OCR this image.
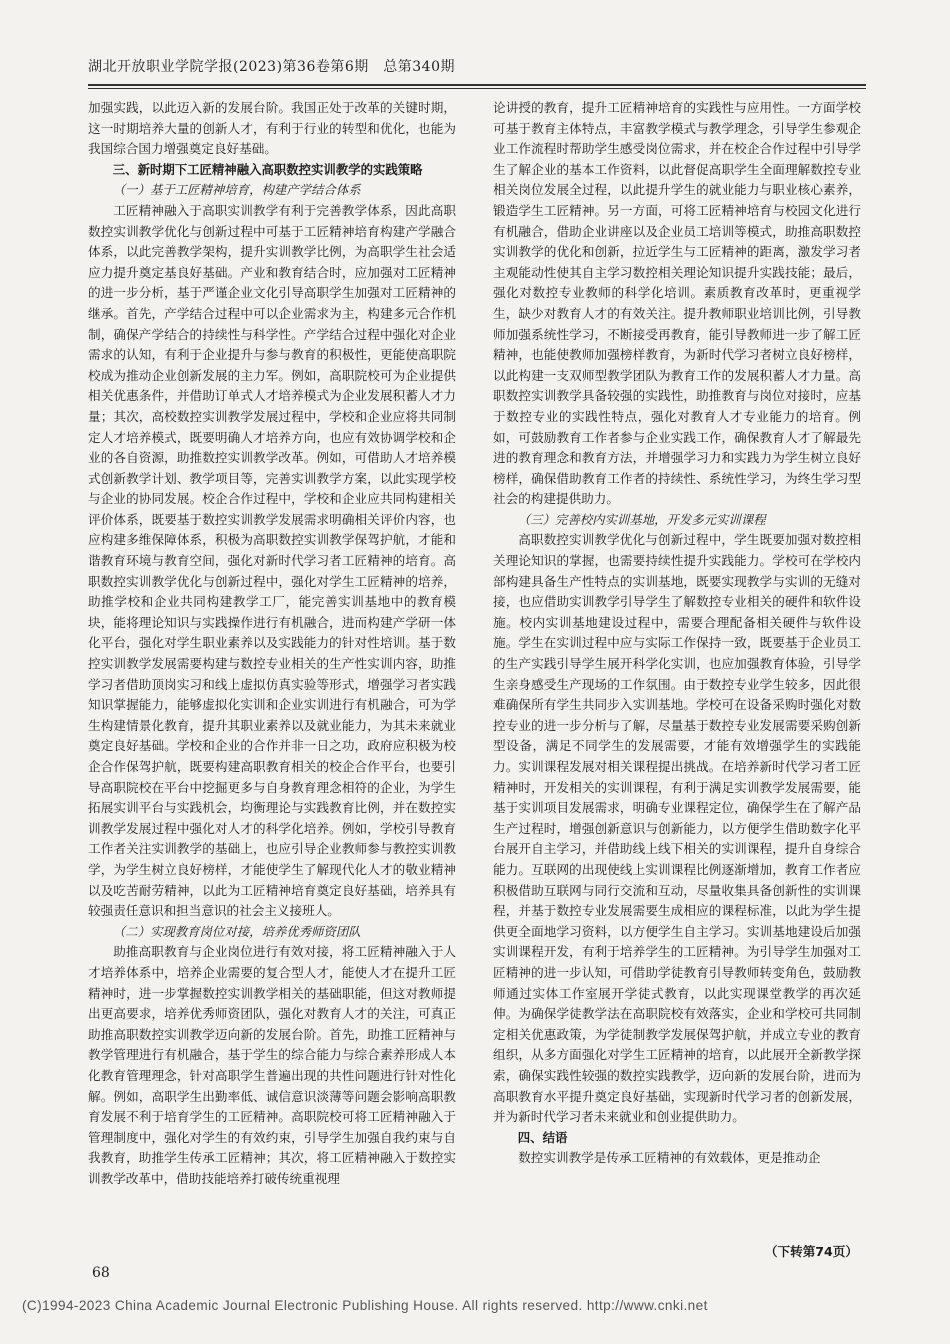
湖北开放职业学院学报(2023)第36卷第6期　总第340期

加强实践，以此迈入新的发展台阶。我国正处于改革的关键时期，这一时期培养大量的创新人才，有利于行业的转型和优化，也能为我国综合国力增强奠定良好基础。

三、新时期下工匠精神融入高职数控实训教学的实践策略

（一）基于工匠精神培育，构建产学结合体系

工匠精神融入于高职实训教学有利于完善教学体系，因此高职数控实训教学优化与创新过程中可基于工匠精神培育构建产学融合体系，以此完善教学架构，提升实训教学比例，为高职学生社会适应力提升奠定基良好基础。产业和教育结合时，应加强对工匠精神的进一步分析，基于严谨企业文化引导高职学生加强对工匠精神的继承。首先，产学结合过程中可以企业需求为主，构建多元合作机制，确保产学结合的持续性与科学性。产学结合过程中强化对企业需求的认知，有利于企业提升与参与教育的积极性，更能使高职院校成为推动企业创新发展的主力军。例如，高职院校可为企业提供相关优惠条件，并借助订单式人才培养模式为企业发展积蓄人才力量；其次，高校数控实训教学发展过程中，学校和企业应将共同制定人才培养模式，既要明确人才培养方向，也应有效协调学校和企业的各自资源，助推数控实训教学改革。例如，可借助人才培养模式创新教学计划、教学项目等，完善实训教学方案，以此实现学校与企业的协同发展。校企合作过程中，学校和企业应共同构建相关评价体系，既要基于数控实训教学发展需求明确相关评价内容，也应构建多维保障体系，积极为高职数控实训教学保驾护航，才能和谐教育环境与教育空间，强化对新时代学习者工匠精神的培育。高职数控实训教学优化与创新过程中，强化对学生工匠精神的培养，助推学校和企业共同构建教学工厂，能完善实训基地中的教育模块，能将理论知识与实践操作进行有机融合，进而构建产学研一体化平台，强化对学生职业素养以及实践能力的针对性培训。基于数控实训教学发展需要构建与数控专业相关的生产性实训内容，助推学习者借助顶岗实习和线上虚拟仿真实验等形式，增强学习者实践知识掌握能力，能够虚拟化实训和企业实训进行有机融合，可为学生构建情景化教育，提升其职业素养以及就业能力，为其未来就业奠定良好基础。学校和企业的合作并非一日之功，政府应积极为校企合作保驾护航，既要构建高职教育相关的校企合作平台，也要引导高职院校在平台中挖掘更多与自身教育理念相符的企业，为学生拓展实训平台与实践机会，均衡理论与实践教育比例，并在数控实训教学发展过程中强化对人才的科学化培养。例如，学校引导教育工作者关注实训教学的基础上，也应引导企业教师参与教控实训教学，为学生树立良好榜样，才能使学生了解现代化人才的敬业精神以及吃苦耐劳精神，以此为工匠精神培育奠定良好基础，培养具有较强责任意识和担当意识的社会主义接班人。

（二）实现教育岗位对接，培养优秀师资团队

助推高职教育与企业岗位进行有效对接，将工匠精神融入于人才培养体系中，培养企业需要的复合型人才，能使人才在提升工匠精神时，进一步掌握数控实训教学相关的基础职能，但这对教师提出更高要求，培养优秀师资团队，强化对教育人才的关注，可真正助推高职数控实训教学迈向新的发展台阶。首先，助推工匠精神与教学管理进行有机融合，基于学生的综合能力与综合素养形成人本化教育管理理念，针对高职学生普遍出现的共性问题进行针对性化解。例如，高职学生出勤率低、诚信意识淡薄等问题会影响高职教育发展不利于培育学生的工匠精神。高职院校可将工匠精神融入于管理制度中，强化对学生的有效约束，引导学生加强自我约束与自我教育，助推学生传承工匠精神；其次，将工匠精神融入于数控实训教学改革中，借助技能培养打破传统重视理

论讲授的教育，提升工匠精神培育的实践性与应用性。一方面学校可基于教育主体特点，丰富教学模式与教学理念，引导学生参观企业工作流程时帮助学生感受岗位需求，并在校企合作过程中引导学生了解企业的基本工作资料，以此督促高职学生全面理解数控专业相关岗位发展全过程，以此提升学生的就业能力与职业核心素养，锻造学生工匠精神。另一方面，可将工匠精神培育与校园文化进行有机融合，借助企业讲座以及企业员工培训等模式，助推高职数控实训教学的优化和创新，拉近学生与工匠精神的距离，激发学习者主观能动性使其自主学习数控相关理论知识提升实践技能；最后，强化对数控专业教师的科学化培训。素质教育改革时，更重视学生，缺少对教育人才的有效关注。提升教师职业培训比例，引导教师加强系统性学习，不断接受再教育，能引导教师进一步了解工匠精神，也能使教师加强榜样教育，为新时代学习者树立良好榜样，以此构建一支双师型教学团队为教育工作的发展积蓄人才力量。高职数控实训教学具备较强的实践性，助推教育与岗位对接时，应基于数控专业的实践性特点，强化对教育人才专业能力的培育。例如，可鼓励教育工作者参与企业实践工作，确保教育人才了解最先进的教育理念和教育方法，并增强学习力和实践力为学生树立良好榜样，确保借助教育工作者的持续性、系统性学习，为终生学习型社会的构建提供助力。

（三）完善校内实训基地，开发多元实训课程

高职数控实训教学优化与创新过程中，学生既要加强对数控相关理论知识的掌握，也需要持续性提升实践能力。学校可在学校内部构建具备生产性特点的实训基地，既要实现教学与实训的无缝对接，也应借助实训教学引导学生了解数控专业相关的硬件和软件设施。校内实训基地建设过程中，需要合理配备相关硬件与软件设施。学生在实训过程中应与实际工作保持一致，既要基于企业员工的生产实践引导学生展开科学化实训，也应加强教育体验，引导学生亲身感受生产现场的工作氛围。由于数控专业学生较多，因此很难确保所有学生共同步入实训基地。学校可在设备采购时强化对数控专业的进一步分析与了解，尽量基于数控专业发展需要采购创新型设备，满足不同学生的发展需要，才能有效增强学生的实践能力。实训课程发展对相关课程提出挑战。在培养新时代学习者工匠精神时，开发相关的实训课程，有利于满足实训教学发展需要，能基于实训项目发展需求，明确专业课程定位，确保学生在了解产品生产过程时，增强创新意识与创新能力，以方便学生借助数字化平台展开自主学习，并借助线上线下相关的实训课程，提升自身综合能力。互联网的出现使线上实训课程比例逐渐增加，教育工作者应积极借助互联网与同行交流和互动，尽量收集具备创新性的实训课程，并基于数控专业发展需要生成相应的课程标准，以此为学生提供更全面地学习资料，以方便学生自主学习。实训基地建设后加强实训课程开发，有利于培养学生的工匠精神。为引导学生加强对工匠精神的进一步认知，可借助学徒教育引导教师转变角色，鼓励教师通过实体工作室展开学徒式教育，以此实现课堂教学的再次延伸。为确保学徒教学法在高职院校有效落实，企业和学校可共同制定相关优惠政策，为学徒制教学发展保驾护航，并成立专业的教育组织，从多方面强化对学生工匠精神的培育，以此展开全新教学探索，确保实践性较强的数控实践教学，迈向新的发展台阶，进而为高职教育水平提升奠定良好基础，实现新时代学习者的创新发展，并为新时代学习者未来就业和创业提供助力。

四、结语

数控实训教学是传承工匠精神的有效载体，更是推动企

（下转第74页）
68
(C)1994-2023 China Academic Journal Electronic Publishing House. All rights reserved. http://www.cnki.net
